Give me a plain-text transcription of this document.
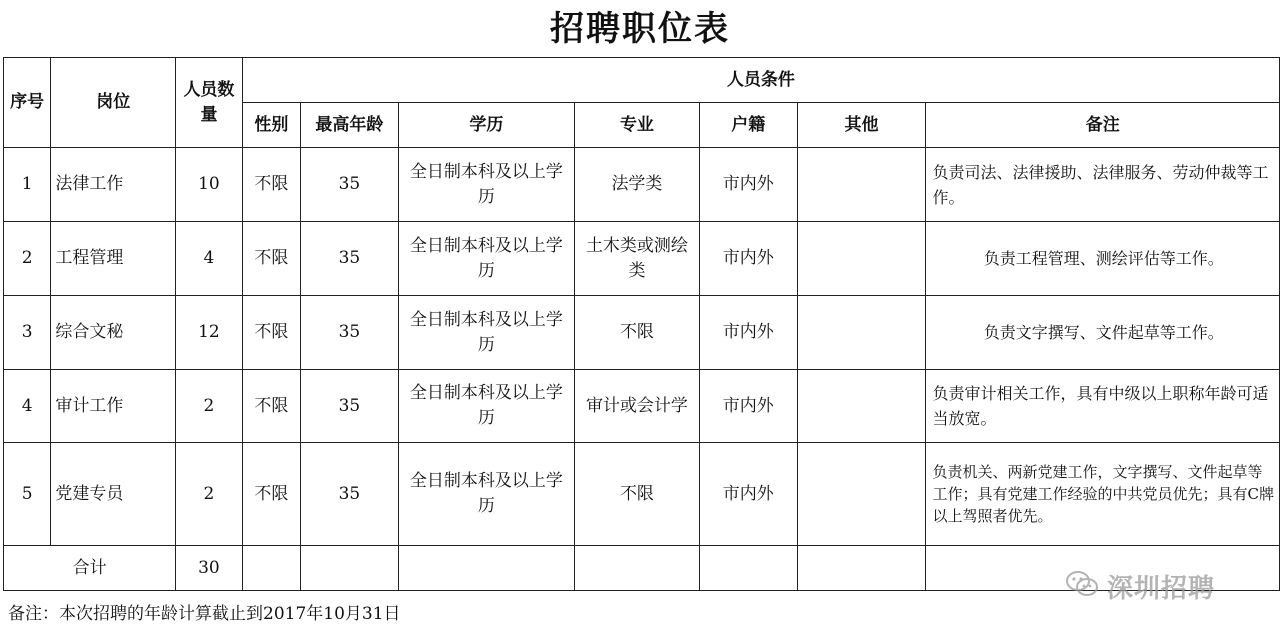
招聘职位表
序号	岗位	人员数量	人员条件						
			性别	最高年龄	学历	专业	户籍	其他	备注
1	法律工作	10	不限	35	全日制本科及以上学历	法学类	市内外		负责司法、法律援助、法律服务、劳动仲裁等工作。
2	工程管理	4	不限	35	全日制本科及以上学历	土木类或测绘类	市内外		负责工程管理、测绘评估等工作。
3	综合文秘	12	不限	35	全日制本科及以上学历	不限	市内外		负责文字撰写、文件起草等工作。
4	审计工作	2	不限	35	全日制本科及以上学历	审计或会计学	市内外		负责审计相关工作，具有中级以上职称年龄可适当放宽。
5	党建专员	2	不限	35	全日制本科及以上学历	不限	市内外		负责机关、两新党建工作，文字撰写、文件起草等工作；具有党建工作经验的中共党员优先；具有C牌以上驾照者优先。
合计		30							
备注：本次招聘的年龄计算截止到2017年10月31日
深圳招聘
